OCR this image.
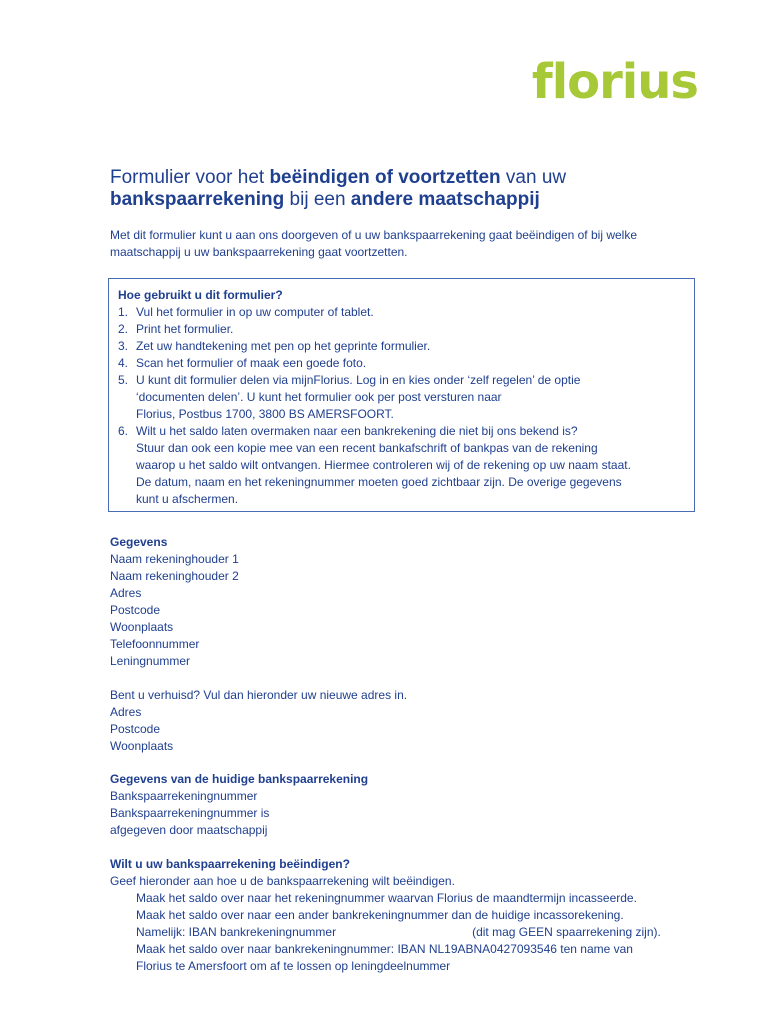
florius
Formulier voor het beëindigen of voortzetten van uw
bankspaarrekening bij een andere maatschappij
Met dit formulier kunt u aan ons doorgeven of u uw bankspaarrekening gaat beëindigen of bij welke maatschappij u uw bankspaarrekening gaat voortzetten.
Hoe gebruikt u dit formulier?
1. Vul het formulier in op uw computer of tablet.
2. Print het formulier.
3. Zet uw handtekening met pen op het geprinte formulier.
4. Scan het formulier of maak een goede foto.
5. U kunt dit formulier delen via mijnFlorius. Log in en kies onder ‘zelf regelen’ de optie
‘documenten delen’. U kunt het formulier ook per post versturen naar
Florius, Postbus 1700, 3800 BS AMERSFOORT.
6. Wilt u het saldo laten overmaken naar een bankrekening die niet bij ons bekend is?
Stuur dan ook een kopie mee van een recent bankafschrift of bankpas van de rekening
waarop u het saldo wilt ontvangen. Hiermee controleren wij of de rekening op uw naam staat.
De datum, naam en het rekeningnummer moeten goed zichtbaar zijn. De overige gegevens
kunt u afschermen.
Gegevens
Naam rekeninghouder 1
Naam rekeninghouder 2
Adres
Postcode
Woonplaats
Telefoonnummer
Leningnummer
Bent u verhuisd? Vul dan hieronder uw nieuwe adres in.
Adres
Postcode
Woonplaats
Gegevens van de huidige bankspaarrekening
Bankspaarrekeningnummer
Bankspaarrekeningnummer is
afgegeven door maatschappij
Wilt u uw bankspaarrekening beëindigen?
Geef hieronder aan hoe u de bankspaarrekening wilt beëindigen.
Maak het saldo over naar het rekeningnummer waarvan Florius de maandtermijn incasseerde.
Maak het saldo over naar een ander bankrekeningnummer dan de huidige incassorekening.
Namelijk: IBAN bankrekeningnummer	(dit mag GEEN spaarrekening zijn).
Maak het saldo over naar bankrekeningnummer: IBAN NL19ABNA0427093546 ten name van
Florius te Amersfoort om af te lossen op leningdeelnummer
